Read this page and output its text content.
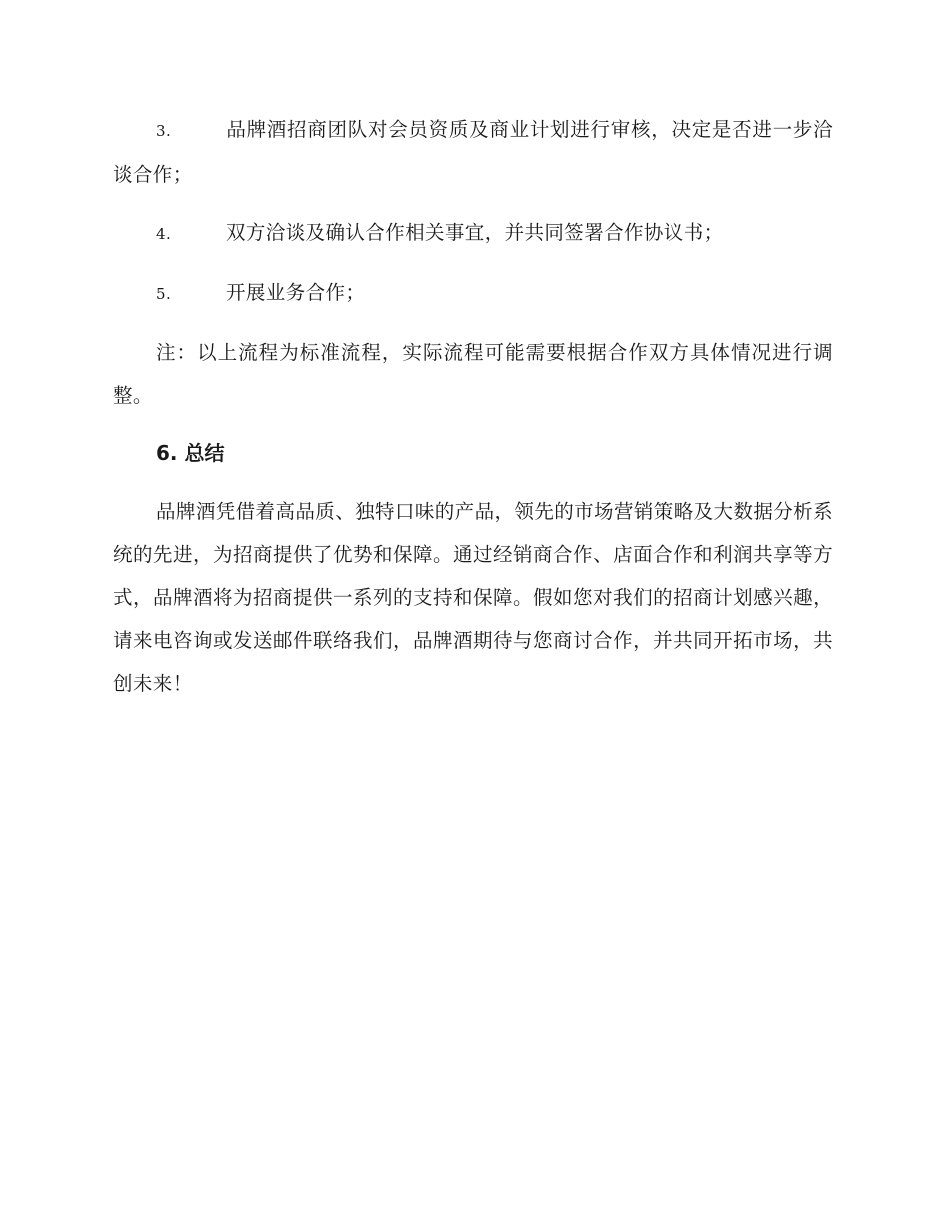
3.	品牌酒招商团队对会员资质及商业计划进行审核，决定是否进一步洽谈合作；

4.	双方洽谈及确认合作相关事宜，并共同签署合作协议书；

5.	开展业务合作；

注：以上流程为标准流程，实际流程可能需要根据合作双方具体情况进行调整。

6. 总结

品牌酒凭借着高品质、独特口味的产品，领先的市场营销策略及大数据分析系统的先进，为招商提供了优势和保障。通过经销商合作、店面合作和利润共享等方式，品牌酒将为招商提供一系列的支持和保障。假如您对我们的招商计划感兴趣，请来电咨询或发送邮件联络我们，品牌酒期待与您商讨合作，并共同开拓市场，共创未来！
